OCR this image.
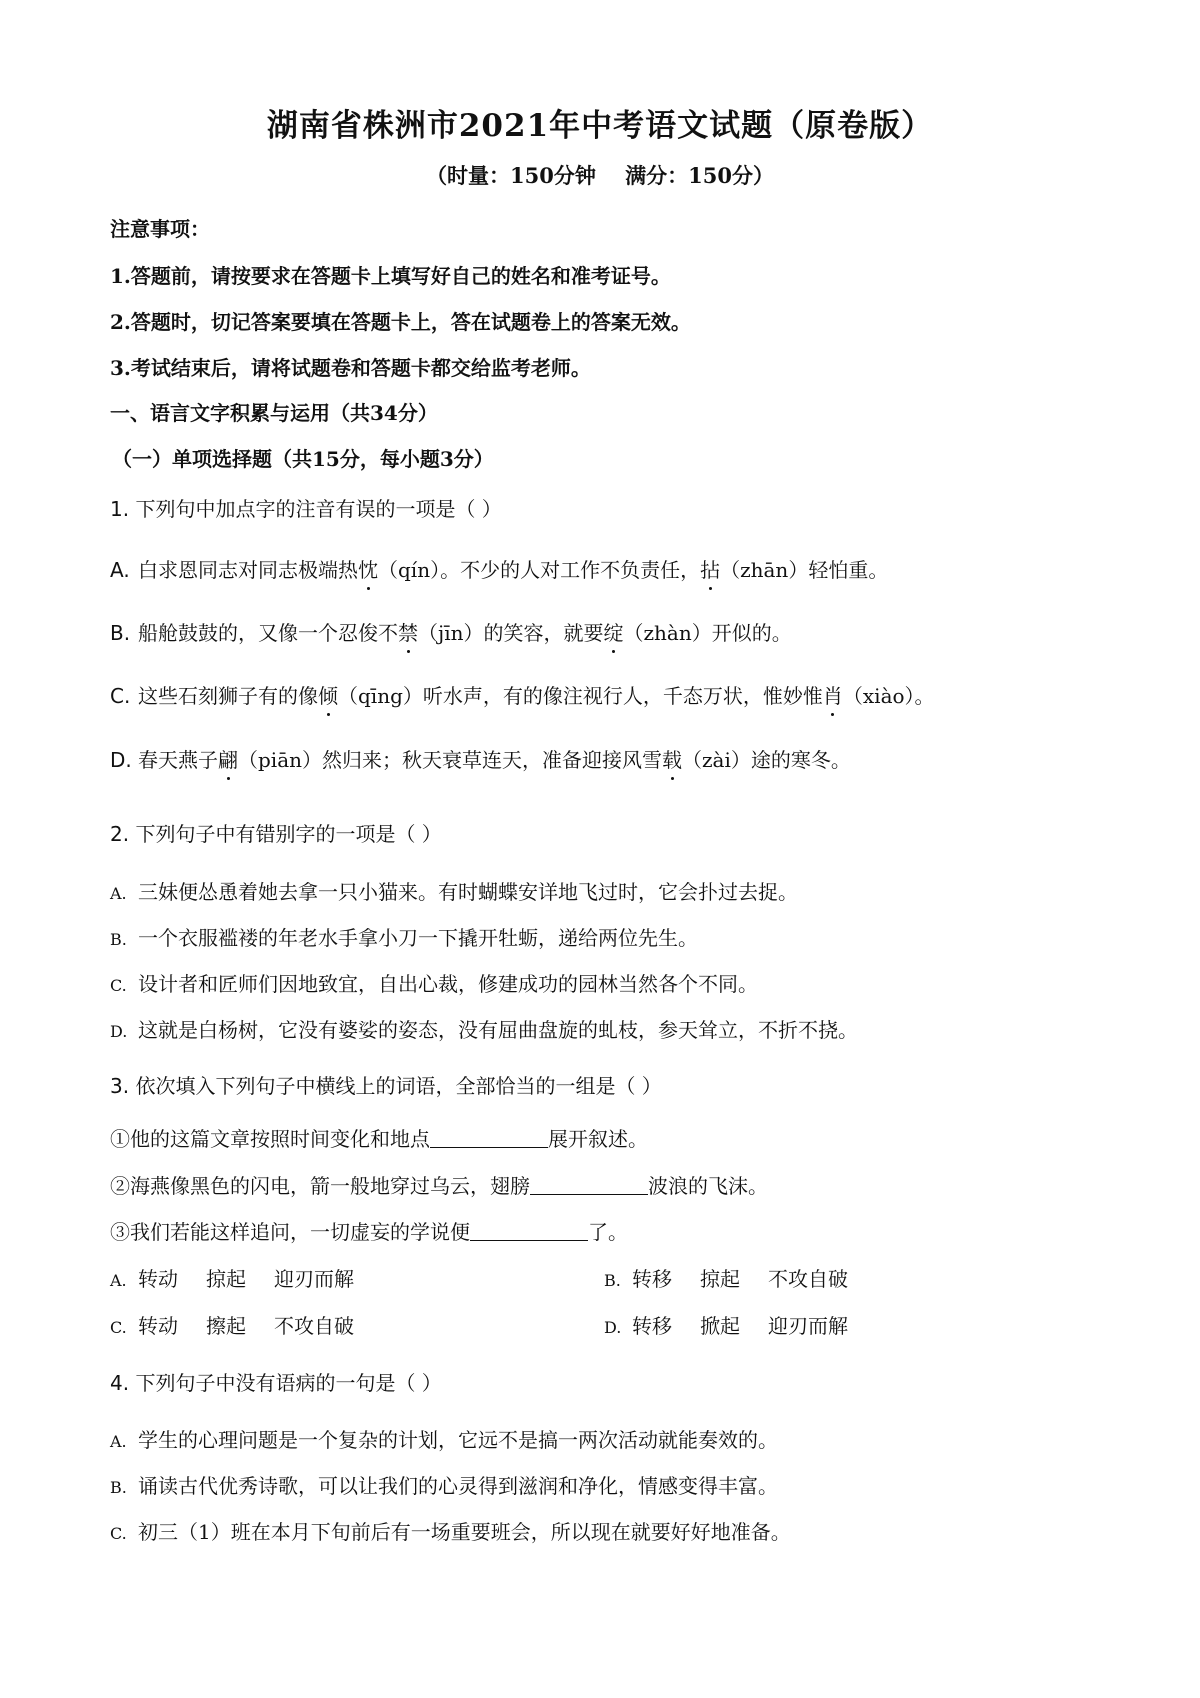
湖南省株洲市2021年中考语文试题（原卷版）
（时量：150分钟    满分：150分）
注意事项：
1.答题前，请按要求在答题卡上填写好自己的姓名和准考证号。
2.答题时，切记答案要填在答题卡上，答在试题卷上的答案无效。
3.考试结束后，请将试题卷和答题卡都交给监考老师。
一、语言文字积累与运用（共34分）
（一）单项选择题（共15分，每小题3分）
1. 下列句中加点字的注音有误的一项是（ ）
A. 白求恩同志对同志极端热忱（qín）。不少的人对工作不负责任，拈（zhān）轻怕重。
B. 船舱鼓鼓的，又像一个忍俊不禁（jīn）的笑容，就要绽（zhàn）开似的。
C. 这些石刻狮子有的像倾（qīng）听水声，有的像注视行人，千态万状，惟妙惟肖（xiào）。
D. 春天燕子翩（piān）然归来；秋天衰草连天，准备迎接风雪载（zài）途的寒冬。
2. 下列句子中有错别字的一项是（ ）
A. 三妹便怂恿着她去拿一只小猫来。有时蝴蝶安详地飞过时，它会扑过去捉。
B. 一个衣服褴褛的年老水手拿小刀一下撬开牡蛎，递给两位先生。
C. 设计者和匠师们因地致宜，自出心裁，修建成功的园林当然各个不同。
D. 这就是白杨树，它没有婆娑的姿态，没有屈曲盘旋的虬枝，参天耸立，不折不挠。
3. 依次填入下列句子中横线上的词语，全部恰当的一组是（ ）
①他的这篇文章按照时间变化和地点	展开叙述。
②海燕像黑色的闪电，箭一般地穿过乌云，翅膀	波浪的飞沫。
③我们若能这样追问，一切虚妄的学说便	了。
A. 转动 掠起 迎刃而解	B. 转移 掠起 不攻自破
C. 转动 擦起 不攻自破	D. 转移 掀起 迎刃而解
4. 下列句子中没有语病的一句是（ ）
A. 学生的心理问题是一个复杂的计划，它远不是搞一两次活动就能奏效的。
B. 诵读古代优秀诗歌，可以让我们的心灵得到滋润和净化，情感变得丰富。
C. 初三（1）班在本月下旬前后有一场重要班会，所以现在就要好好地准备。
